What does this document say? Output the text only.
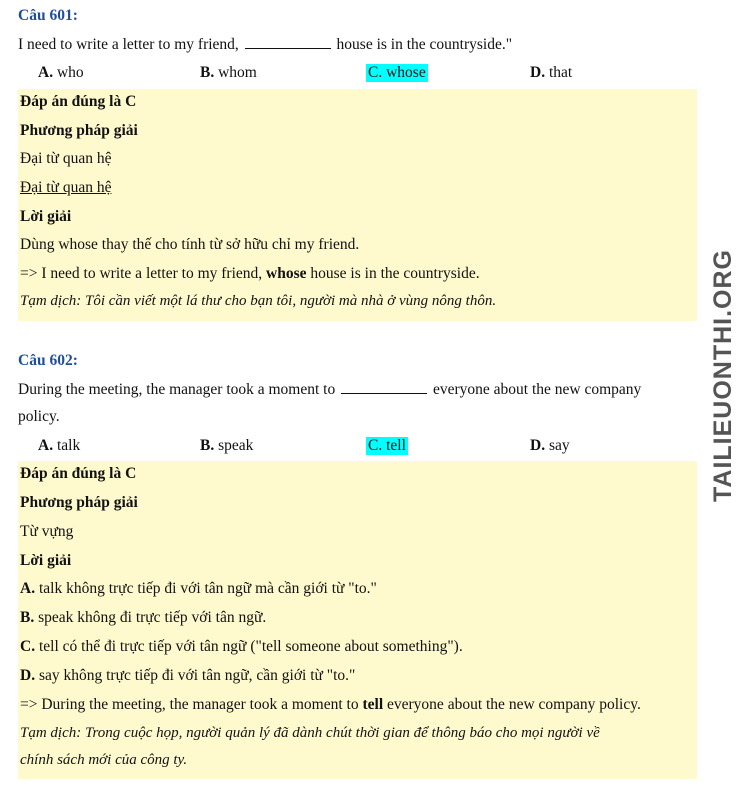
Câu 601:
I need to write a letter to my friend,	house is in the countryside."
A. who	B. whom	C. whose	D. that
Đáp án đúng là C
Phương pháp giải
Đại từ quan hệ
Đại từ quan hệ
Lời giải
Dùng whose thay thế cho tính từ sở hữu chỉ my friend.
=> I need to write a letter to my friend, whose house is in the countryside.
Tạm dịch: Tôi cần viết một lá thư cho bạn tôi, người mà nhà ở vùng nông thôn.
Câu 602:
During the meeting, the manager took a moment to	everyone about the new company
policy.
A. talk	B. speak	C. tell	D. say
Đáp án đúng là C
Phương pháp giải
Từ vựng
Lời giải
A. talk không trực tiếp đi với tân ngữ mà cần giới từ "to."
B. speak không đi trực tiếp với tân ngữ.
C. tell có thể đi trực tiếp với tân ngữ ("tell someone about something").
D. say không trực tiếp đi với tân ngữ, cần giới từ "to."
=> During the meeting, the manager took a moment to tell everyone about the new company policy.
Tạm dịch: Trong cuộc họp, người quản lý đã dành chút thời gian để thông báo cho mọi người về
chính sách mới của công ty.
TAILIEUONTHI.ORG
